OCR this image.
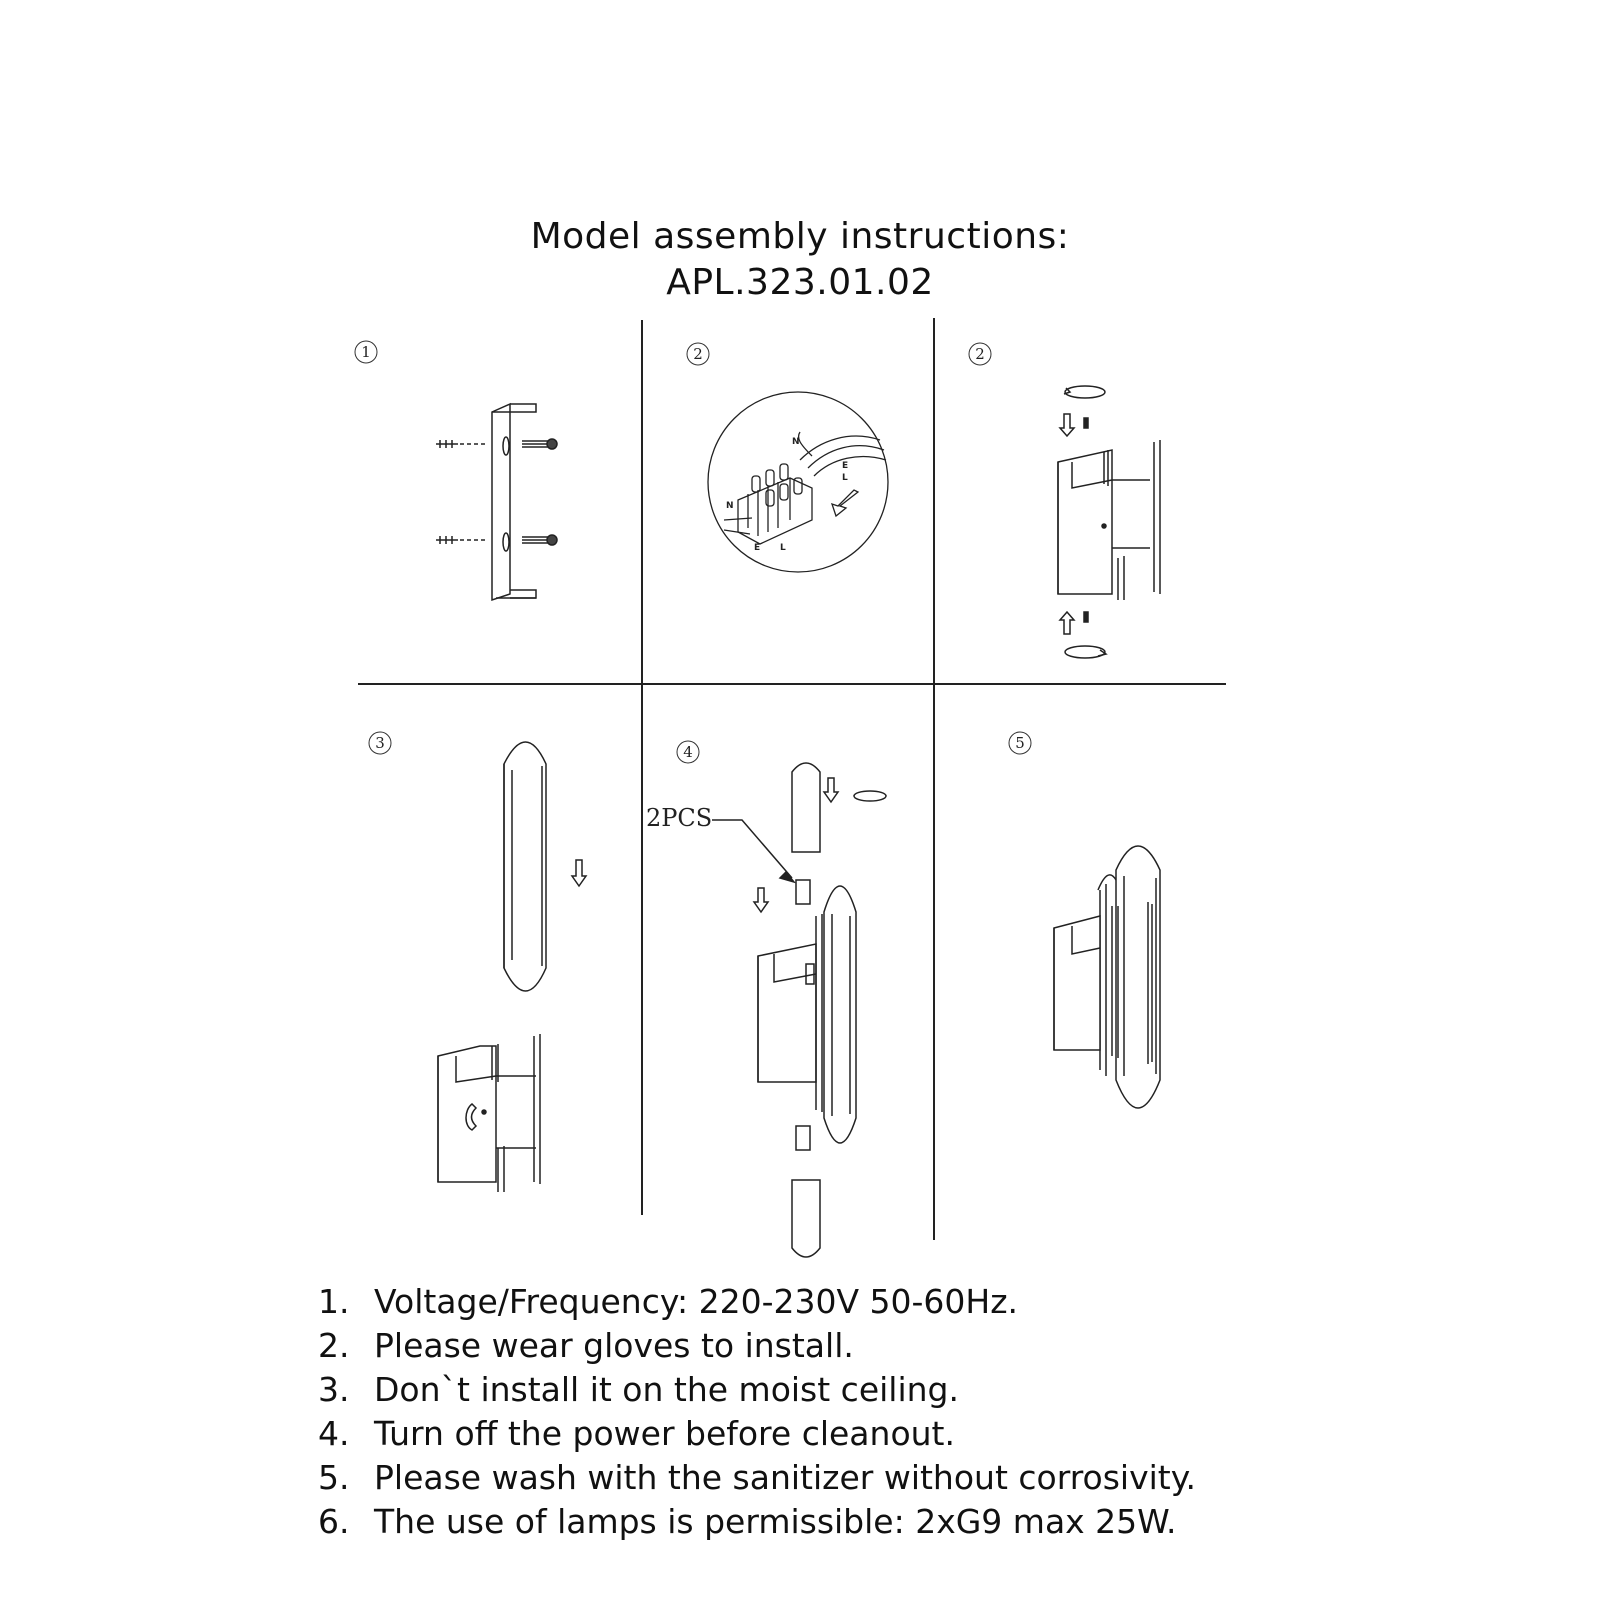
Model assembly instructions:
APL.323.01.02
1	2	2
3	4	5
N
E
L
N
E L
2PCS
1. Voltage/Frequency: 220-230V 50-60Hz.
2. Please wear gloves to install.
3. Don`t install it on the moist ceiling.
4. Turn off the power before cleanout.
5. Please wash with the sanitizer without corrosivity.
6. The use of lamps is permissible: 2xG9 max 25W.
